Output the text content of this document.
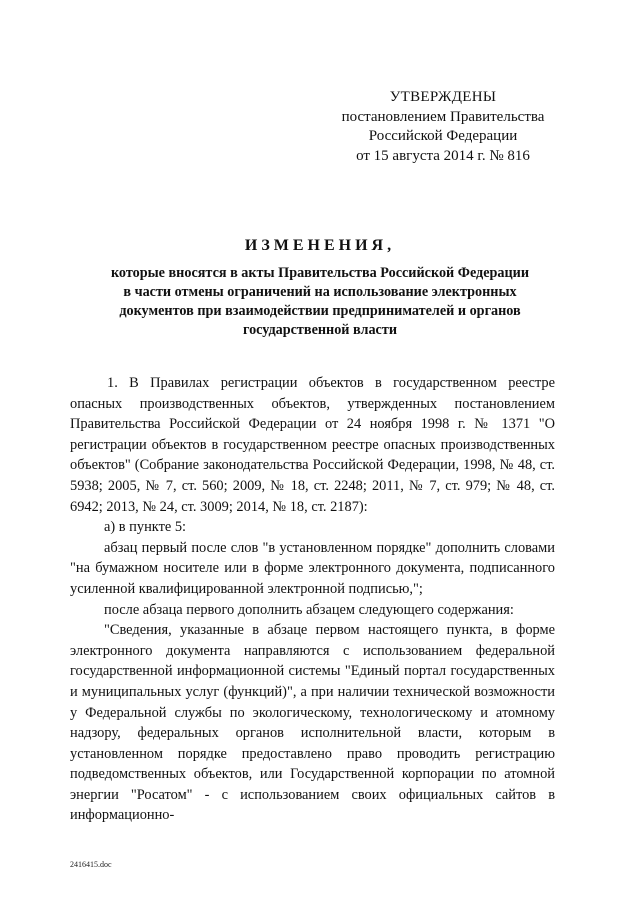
УТВЕРЖДЕНЫ
постановлением Правительства
Российской Федерации
от 15 августа 2014 г. № 816
ИЗМЕНЕНИЯ,
которые вносятся в акты Правительства Российской Федерации
в части отмены ограничений на использование электронных
документов при взаимодействии предпринимателей и органов
государственной власти

1. В Правилах регистрации объектов в государственном реестре опасных производственных объектов, утвержденных постановлением Правительства Российской Федерации от 24 ноября 1998 г. № 1371 "О регистрации объектов в государственном реестре опасных производственных объектов" (Собрание законодательства Российской Федерации, 1998, № 48, ст. 5938; 2005, № 7, ст. 560; 2009, № 18, ст. 2248; 2011, № 7, ст. 979; № 48, ст. 6942; 2013, № 24, ст. 3009; 2014, № 18, ст. 2187):

а) в пункте 5:

абзац первый после слов "в установленном порядке" дополнить словами "на бумажном носителе или в форме электронного документа, подписанного усиленной квалифицированной электронной подписью,";

после абзаца первого дополнить абзацем следующего содержания:

"Сведения, указанные в абзаце первом настоящего пункта, в форме электронного документа направляются с использованием федеральной государственной информационной системы "Единый портал государственных и муниципальных услуг (функций)", а при наличии технической возможности у Федеральной службы по экологическому, технологическому и атомному надзору, федеральных органов исполнительной власти, которым в установленном порядке предоставлено право проводить регистрацию подведомственных объектов, или Государственной корпорации по атомной энергии "Росатом" - с использованием своих официальных сайтов в информационно-

2416415.doc
